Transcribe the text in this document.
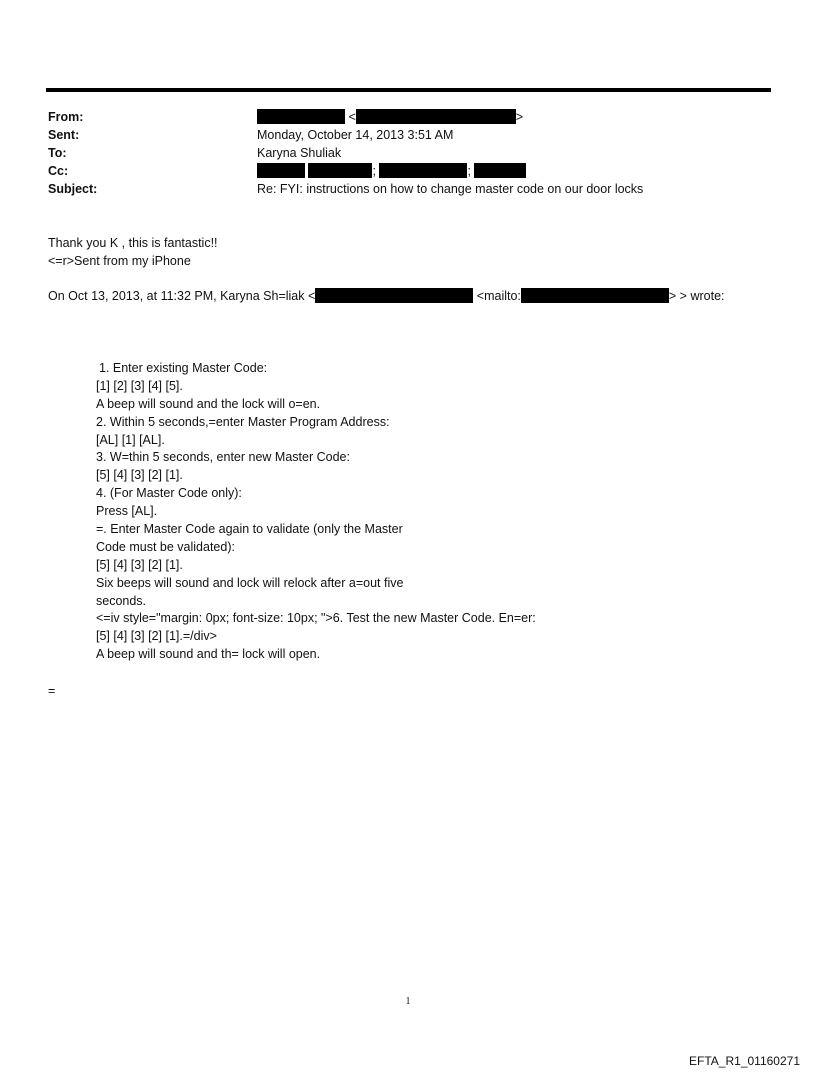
From:	<	>
Sent:	Monday, October 14, 2013 3:51 AM
To:	Karyna Shuliak
Cc:	;	;
Subject:	Re: FYI: instructions on how to change master code on our door locks
Thank you K , this is fantastic!!
<=r>Sent from my iPhone
On Oct 13, 2013, at 11:32 PM, Karyna Sh=liak <	<mailto:	> > wrote:
1. Enter existing Master Code:
[1] [2] [3] [4] [5].
A beep will sound and the lock will o=en.
2. Within 5 seconds,=enter Master Program Address:
[AL] [1] [AL].
3. W=thin 5 seconds, enter new Master Code:
[5] [4] [3] [2] [1].
4. (For Master Code only):
Press [AL].
=. Enter Master Code again to validate (only the Master
Code must be validated):
[5] [4] [3] [2] [1].
Six beeps will sound and lock will relock after a=out five
seconds.
<=iv style="margin: 0px; font-size: 10px; ">6. Test the new Master Code. En=er:
[5] [4] [3] [2] [1].=/div>
A beep will sound and th= lock will open.
=
1
EFTA_R1_01160271
